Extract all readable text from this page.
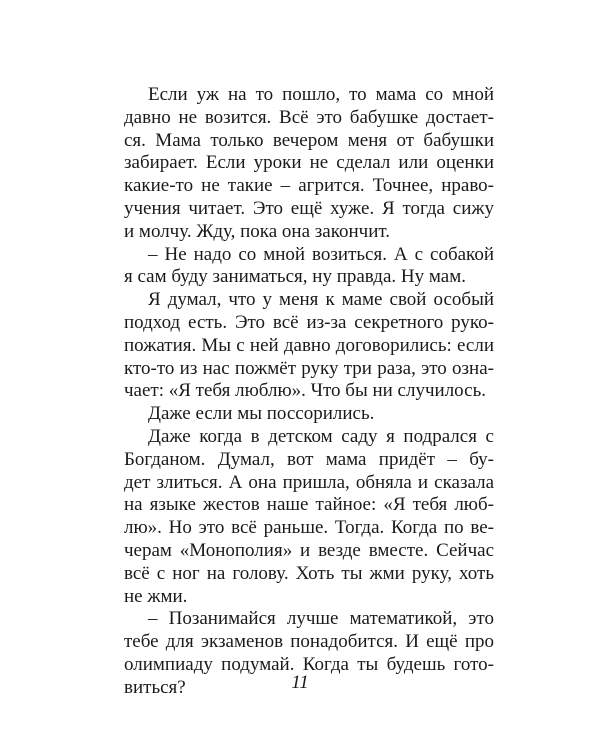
Если уж на то пошло, то мама со мной
давно не возится. Всё это бабушке достает-
ся. Мама только вечером меня от бабушки
забирает. Если уроки не сделал или оценки
какие-то не такие – агрится. Точнее, нраво-
учения читает. Это ещё хуже. Я тогда сижу
и молчу. Жду, пока она закончит.
– Не надо со мной возиться. А с собакой
я сам буду заниматься, ну правда. Ну мам.
Я думал, что у меня к маме свой особый
подход есть. Это всё из-за секретного руко-
пожатия. Мы с ней давно договорились: если
кто-то из нас пожмёт руку три раза, это озна-
чает: «Я тебя люблю». Что бы ни случилось.
Даже если мы поссорились.
Даже когда в детском саду я подрался с
Богданом. Думал, вот мама придёт – бу-
дет злиться. А она пришла, обняла и сказала
на языке жестов наше тайное: «Я тебя люб-
лю». Но это всё раньше. Тогда. Когда по ве-
черам «Монополия» и везде вместе. Сейчас
всё с ног на голову. Хоть ты жми руку, хоть
не жми.
– Позанимайся лучше математикой, это
тебе для экзаменов понадобится. И ещё про
олимпиаду подумай. Когда ты будешь гото-
виться?	11
